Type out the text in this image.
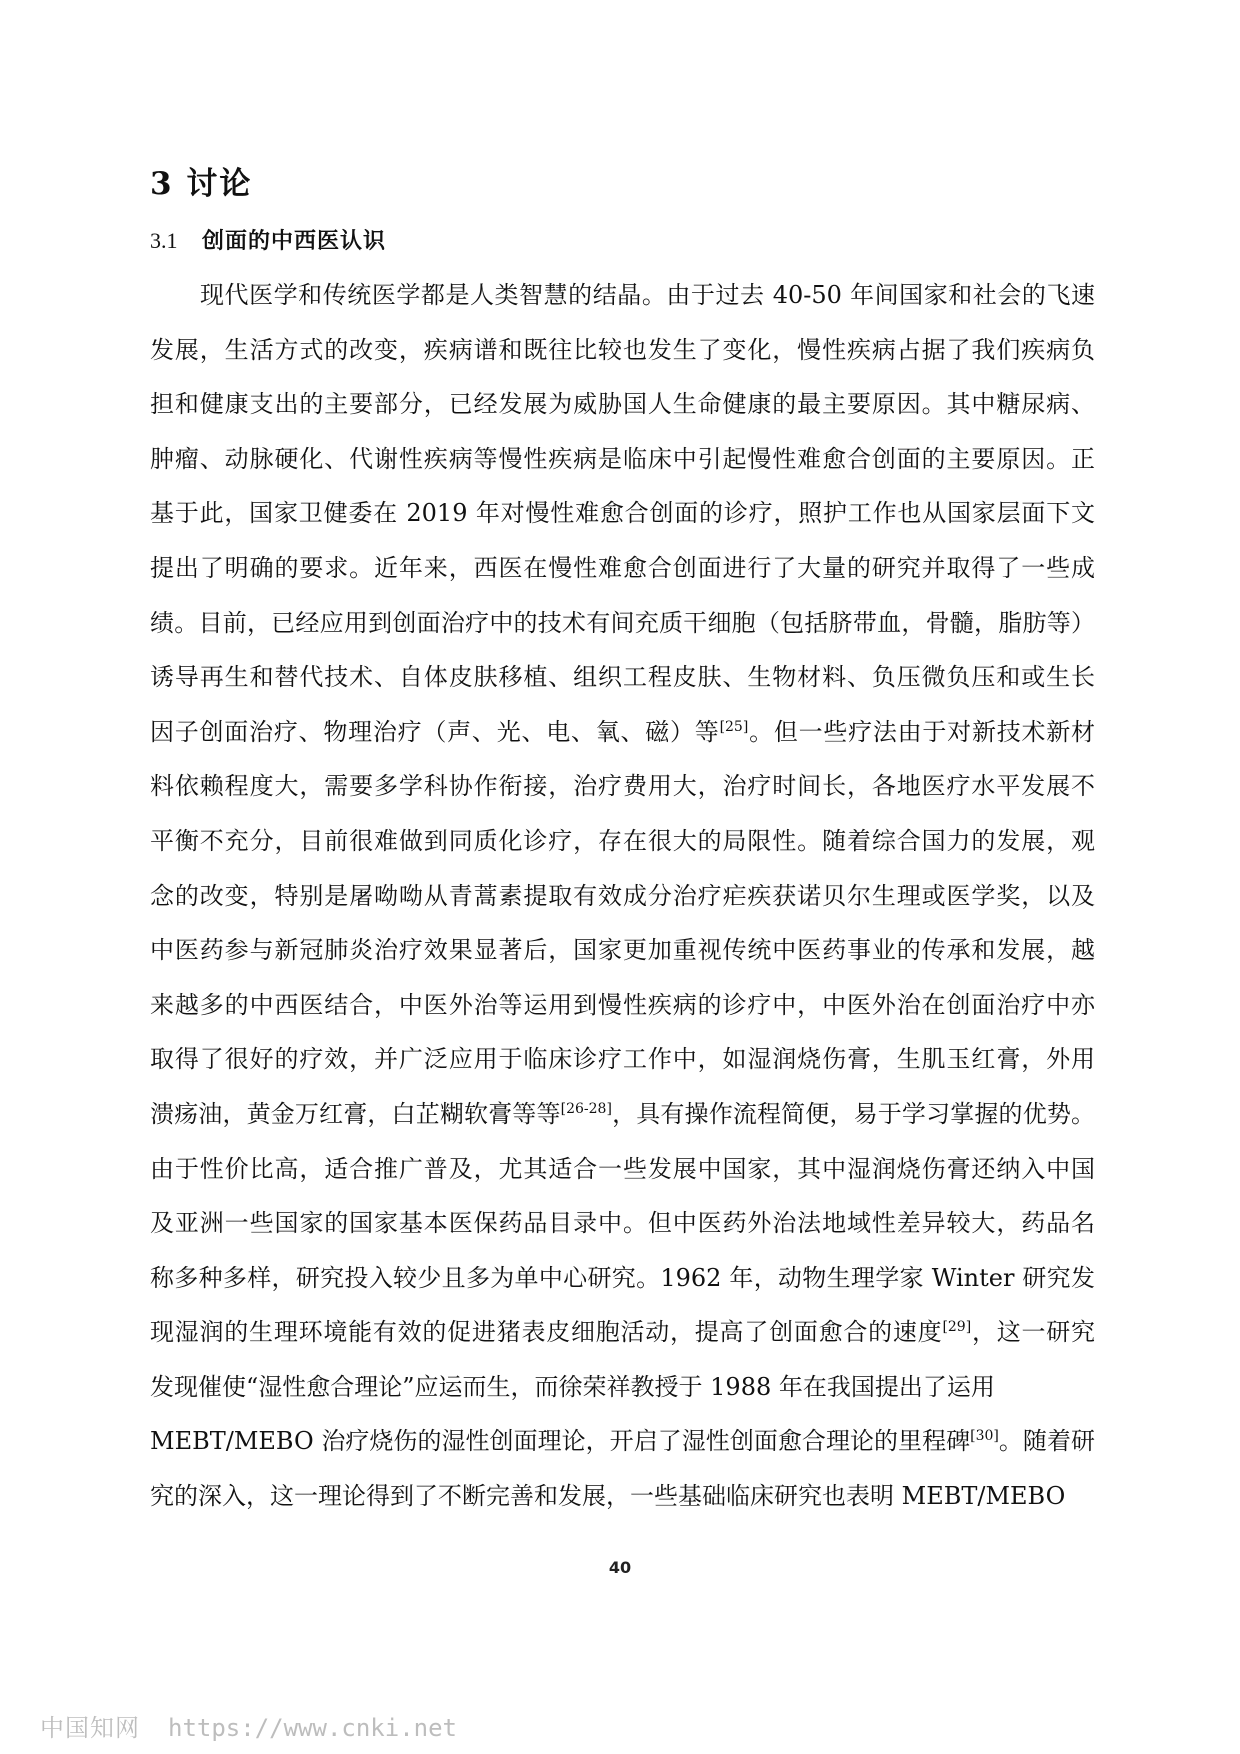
3 讨论
3.1 创面的中西医认识
现代医学和传统医学都是人类智慧的结晶。由于过去 40-50 年间国家和社会的飞速
发展，生活方式的改变，疾病谱和既往比较也发生了变化，慢性疾病占据了我们疾病负
担和健康支出的主要部分，已经发展为威胁国人生命健康的最主要原因。其中糖尿病、
肿瘤、动脉硬化、代谢性疾病等慢性疾病是临床中引起慢性难愈合创面的主要原因。正
基于此，国家卫健委在 2019 年对慢性难愈合创面的诊疗，照护工作也从国家层面下文
提出了明确的要求。近年来，西医在慢性难愈合创面进行了大量的研究并取得了一些成
绩。目前，已经应用到创面治疗中的技术有间充质干细胞（包括脐带血，骨髓，脂肪等）
诱导再生和替代技术、自体皮肤移植、组织工程皮肤、生物材料、负压微负压和或生长
因子创面治疗、物理治疗（声、光、电、氧、磁）等[25]。但一些疗法由于对新技术新材
料依赖程度大，需要多学科协作衔接，治疗费用大，治疗时间长，各地医疗水平发展不
平衡不充分，目前很难做到同质化诊疗，存在很大的局限性。随着综合国力的发展，观
念的改变，特别是屠呦呦从青蒿素提取有效成分治疗疟疾获诺贝尔生理或医学奖，以及
中医药参与新冠肺炎治疗效果显著后，国家更加重视传统中医药事业的传承和发展，越
来越多的中西医结合，中医外治等运用到慢性疾病的诊疗中，中医外治在创面治疗中亦
取得了很好的疗效，并广泛应用于临床诊疗工作中，如湿润烧伤膏，生肌玉红膏，外用
溃疡油，黄金万红膏，白芷糊软膏等等[26-28]，具有操作流程简便，易于学习掌握的优势。
由于性价比高，适合推广普及，尤其适合一些发展中国家，其中湿润烧伤膏还纳入中国
及亚洲一些国家的国家基本医保药品目录中。但中医药外治法地域性差异较大，药品名
称多种多样，研究投入较少且多为单中心研究。1962 年，动物生理学家 Winter 研究发
现湿润的生理环境能有效的促进猪表皮细胞活动，提高了创面愈合的速度[29]，这一研究
发现催使“湿性愈合理论”应运而生，而徐荣祥教授于 1988 年在我国提出了运用
MEBT/MEBO 治疗烧伤的湿性创面理论，开启了湿性创面愈合理论的里程碑[30]。随着研
究的深入，这一理论得到了不断完善和发展，一些基础临床研究也表明 MEBT/MEBO
40
中国知网 https://www.cnki.net
